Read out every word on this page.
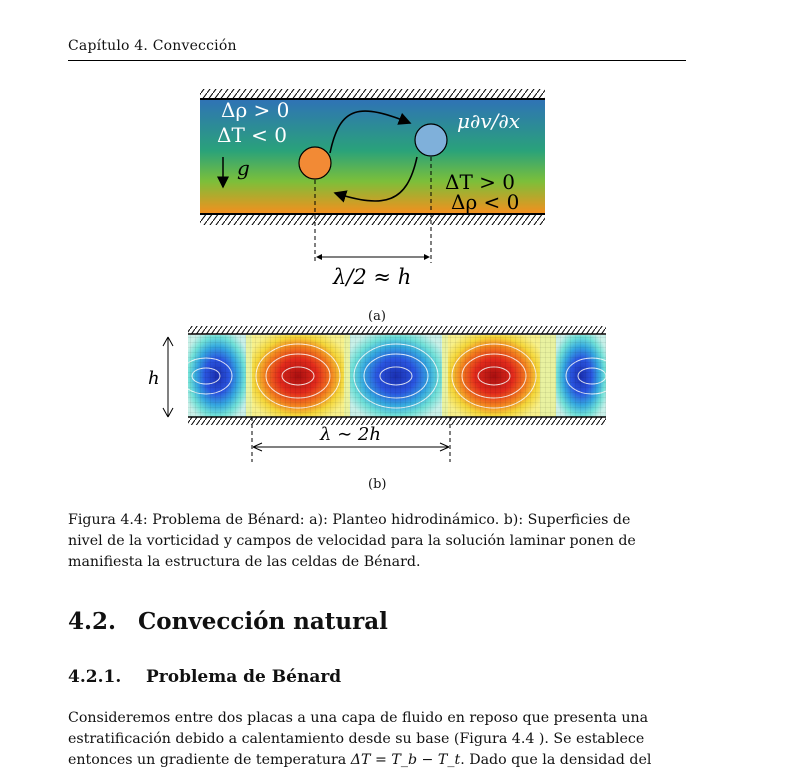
Capítulo 4. Convección
Δρ > 0
ΔT < 0
g
μ∂v/∂x
ΔT > 0
Δρ < 0
λ/2 ≈ h
(a)
h
λ ∼ 2h
(b)
Figura 4.4: Problema de Bénard: a): Planteo hidrodinámico. b): Superficies de
nivel de la vorticidad y campos de velocidad para la solución laminar ponen de
manifiesta la estructura de las celdas de Bénard.
4.2. Convección natural
4.2.1. Problema de Bénard
Consideremos entre dos placas a una capa de fluido en reposo que presenta una
estratificación debido a calentamiento desde su base (Figura 4.4 ). Se establece
entonces un gradiente de temperatura ΔT = T_b − T_t. Dado que la densidad del
